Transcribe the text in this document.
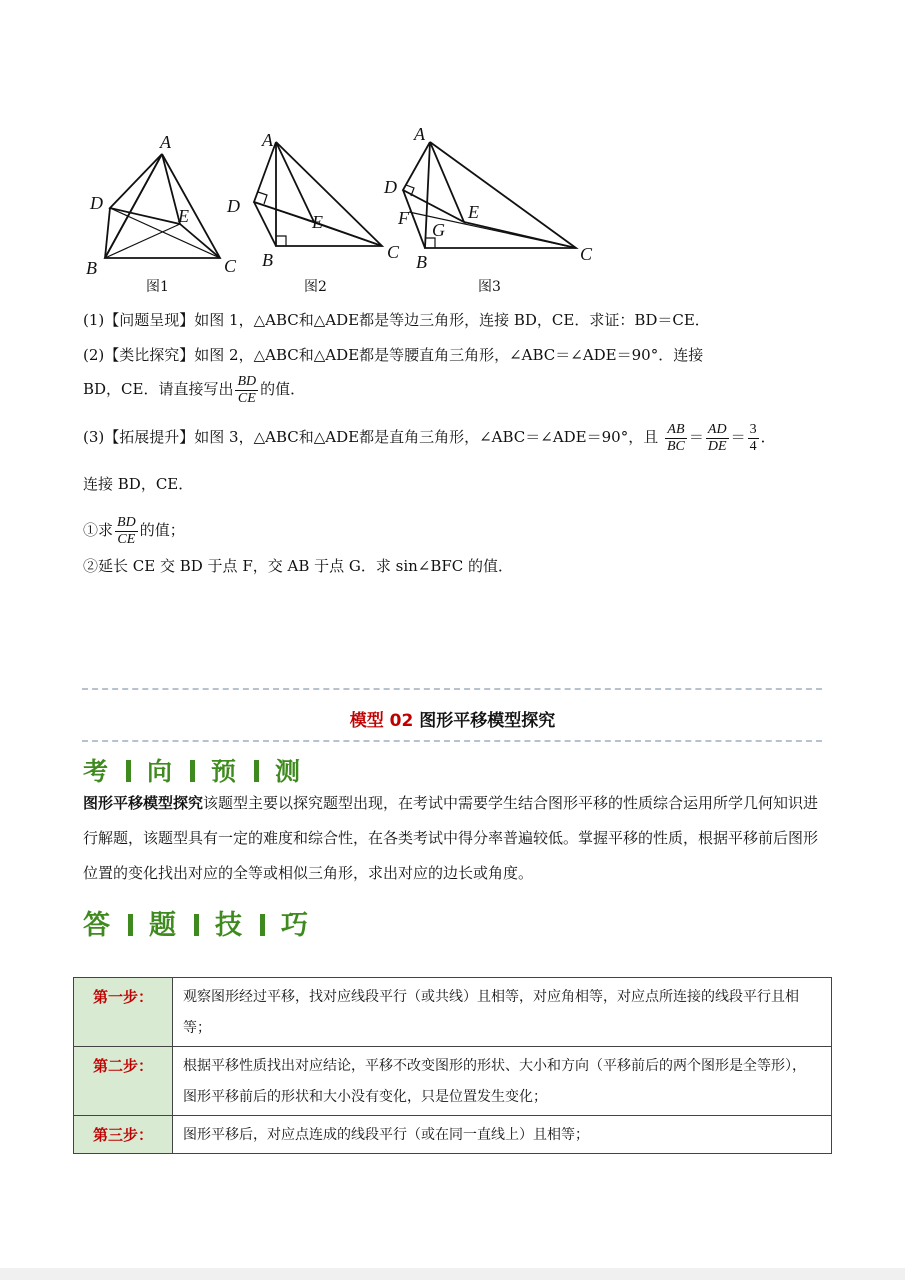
图1	图2	图3
A
D
E
B	C
A
D
E
B	C
A
D
F
G
E
B	C
(1)【问题呈现】如图 1，△ABC和△ADE都是等边三角形，连接 BD，CE．求证：BD＝CE．
(2)【类比探究】如图 2，△ABC和△ADE都是等腰直角三角形，∠ABC＝∠ADE＝90°．连接
BD，CE．请直接写出 $\frac{BD}{CE}$ 的值．
(3)【拓展提升】如图 3，△ABC和△ADE都是直角三角形，∠ABC＝∠ADE＝90°，且 $\frac{AB}{BC} = \frac{AD}{DE} = \frac{3}{4}$ ．
连接 BD，CE．
①求 $\frac{BD}{CE}$ 的值；
②延长 CE 交 BD 于点 F，交 AB 于点 G．求 sin∠BFC 的值．
模型 02 图形平移模型探究
考 向 预 测
图形平移模型探究该题型主要以探究题型出现，在考试中需要学生结合图形平移的性质综合运用所学几何知识进行解题，该题型具有一定的难度和综合性，在各类考试中得分率普遍较低。掌握平移的性质，根据平移前后图形位置的变化找出对应的全等或相似三角形，求出对应的边长或角度。
答 题 技 巧
第一步：	观察图形经过平移，找对应线段平行（或共线）且相等，对应角相等，对应点所连接的线段平行且相等；
第二步：	根据平移性质找出对应结论，平移不改变图形的形状、大小和方向（平移前后的两个图形是全等形），图形平移前后的形状和大小没有变化，只是位置发生变化；
第三步：	图形平移后，对应点连成的线段平行（或在同一直线上）且相等；
